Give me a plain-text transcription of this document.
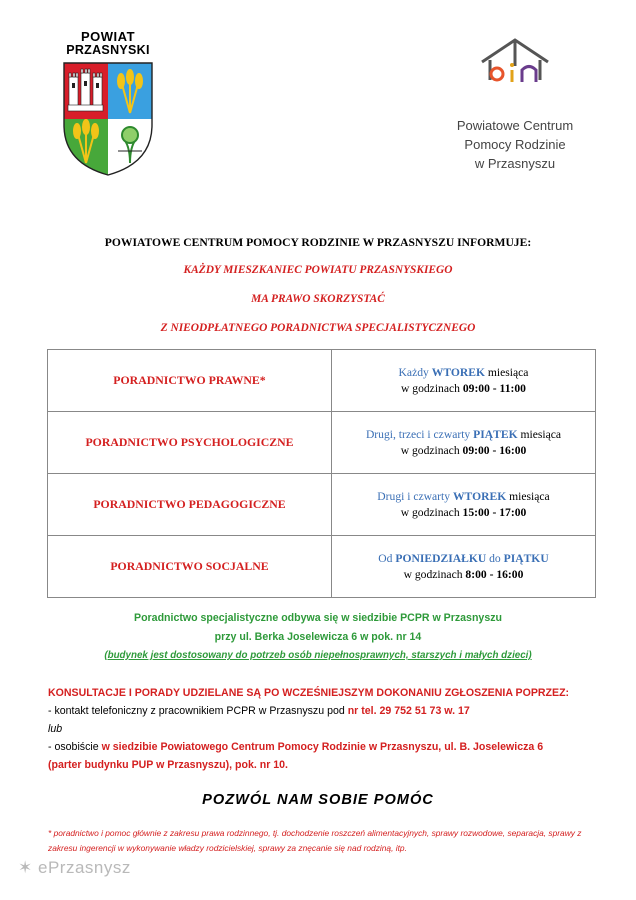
POWIAT
PRZASNYSKI
Powiatowe Centrum
Pomocy Rodzinie
w Przasnyszu
POWIATOWE CENTRUM POMOCY RODZINIE W PRZASNYSZU INFORMUJE:
KAŻDY MIESZKANIEC POWIATU PRZASNYSKIEGO
MA PRAWO SKORZYSTAĆ
Z NIEODPŁATNEGO PORADNICTWA SPECJALISTYCZNEGO
PORADNICTWO PRAWNE*	Każdy WTOREK miesiąca
w godzinach 09:00 - 11:00
PORADNICTWO PSYCHOLOGICZNE	Drugi, trzeci i czwarty PIĄTEK miesiąca
w godzinach 09:00 - 16:00
PORADNICTWO PEDAGOGICZNE	Drugi i czwarty WTOREK miesiąca
w godzinach 15:00 - 17:00
PORADNICTWO SOCJALNE	Od PONIEDZIAŁKU do PIĄTKU
w godzinach 8:00 - 16:00
Poradnictwo specjalistyczne odbywa się w siedzibie PCPR w Przasnyszu
przy ul. Berka Joselewicza 6 w pok. nr 14
(budynek jest dostosowany do potrzeb osób niepełnosprawnych, starszych i małych dzieci)
KONSULTACJE I PORADY UDZIELANE SĄ PO WCZEŚNIEJSZYM DOKONANIU ZGŁOSZENIA POPRZEZ:
- kontakt telefoniczny z pracownikiem PCPR w Przasnyszu pod nr tel. 29 752 51 73 w. 17
lub
- osobiście w siedzibie Powiatowego Centrum Pomocy Rodzinie w Przasnyszu, ul. B. Joselewicza 6
(parter budynku PUP w Przasnyszu), pok. nr 10.
POZWÓL NAM SOBIE POMÓC
* poradnictwo i pomoc głównie z zakresu prawa rodzinnego, tj. dochodzenie roszczeń alimentacyjnych, sprawy rozwodowe, separacja, sprawy z zakresu ingerencji w wykonywanie władzy rodzicielskiej, sprawy za znęcanie się nad rodziną, itp.
✶ ePrzasnysz
